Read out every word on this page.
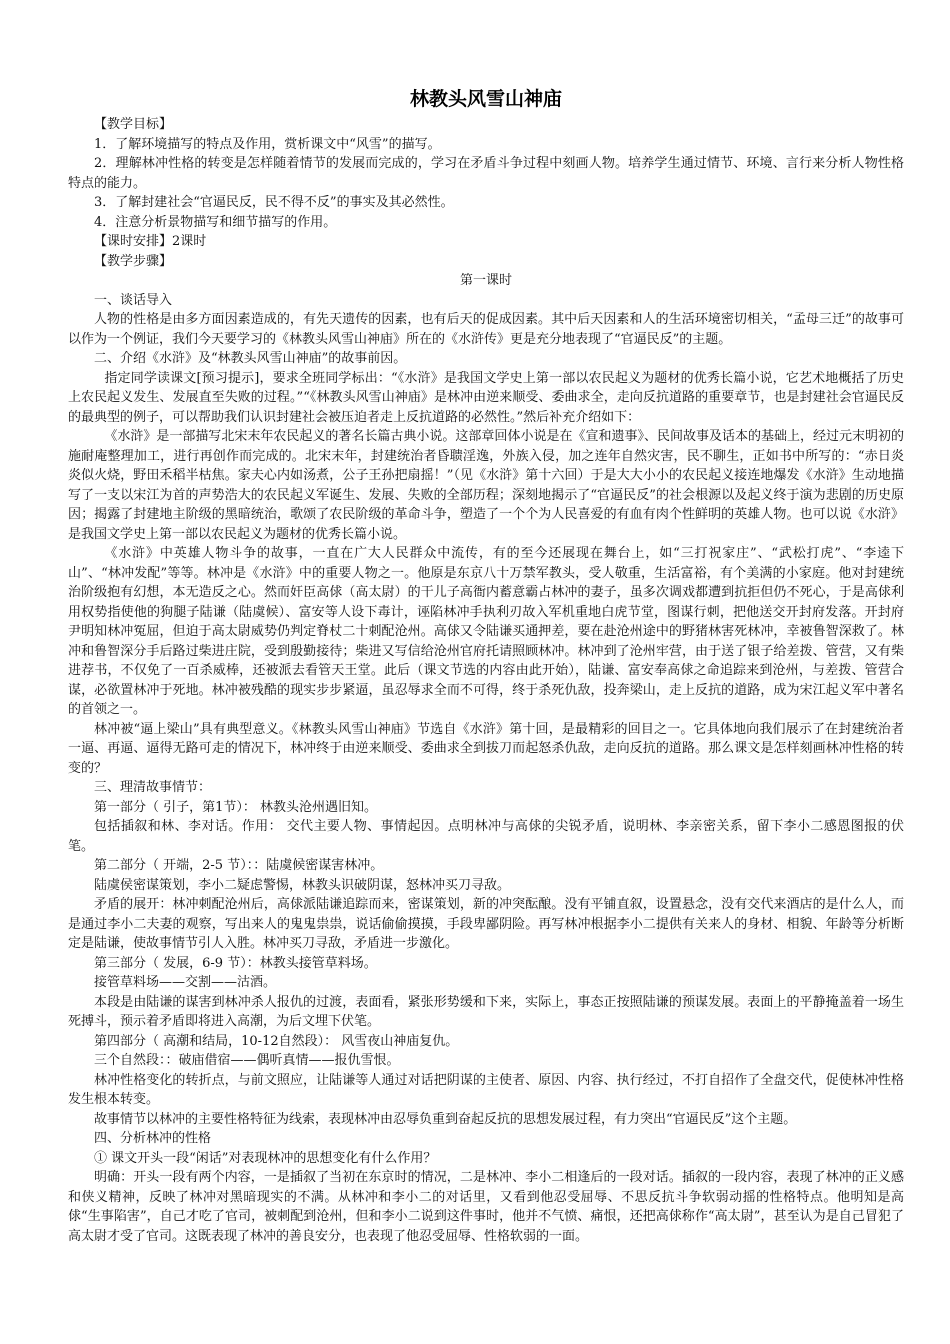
林教头风雪山神庙

【教学目标】

1．了解环境描写的特点及作用，赏析课文中“风雪”的描写。

2．理解林冲性格的转变是怎样随着情节的发展而完成的，学习在矛盾斗争过程中刻画人物。培养学生通过情节、环境、言行来分析人物性格特点的能力。

3．了解封建社会“官逼民反，民不得不反”的事实及其必然性。

4．注意分析景物描写和细节描写的作用。

【课时安排】2课时

【教学步骤】

第一课时

一、谈话导入

人物的性格是由多方面因素造成的，有先天遗传的因素，也有后天的促成因素。其中后天因素和人的生活环境密切相关，“孟母三迁”的故事可以作为一个例证，我们今天要学习的《林教头风雪山神庙》所在的《水浒传》更是充分地表现了“官逼民反”的主题。

二、介绍《水浒》及“林教头风雪山神庙”的故事前因。

指定同学读课文[预习提示]，要求全班同学标出：“《水浒》是我国文学史上第一部以农民起义为题材的优秀长篇小说，它艺术地概括了历史上农民起义发生、发展直至失败的过程。”“《林教头风雪山神庙》是林冲由逆来顺受、委曲求全，走向反抗道路的重要章节，也是封建社会官逼民反的最典型的例子，可以帮助我们认识封建社会被压迫者走上反抗道路的必然性。”然后补充介绍如下：

《水浒》是一部描写北宋末年农民起义的著名长篇古典小说。这部章回体小说是在《宣和遗事》、民间故事及话本的基础上，经过元末明初的施耐庵整理加工，进行再创作而完成的。北宋末年，封建统治者昏聩淫逸，外族入侵，加之连年自然灾害，民不聊生，正如书中所写的：“赤日炎炎似火烧，野田禾稻半枯焦。家夫心内如汤煮，公子王孙把扇摇！”（见《水浒》第十六回）于是大大小小的农民起义接连地爆发《水浒》生动地描写了一支以宋江为首的声势浩大的农民起义军诞生、发展、失败的全部历程；深刻地揭示了“官逼民反”的社会根源以及起义终于演为悲剧的历史原因；揭露了封建地主阶级的黑暗统治，歌颂了农民阶级的革命斗争，塑造了一个个为人民喜爱的有血有肉个性鲜明的英雄人物。也可以说《水浒》是我国文学史上第一部以农民起义为题材的优秀长篇小说。

《水浒》中英雄人物斗争的故事，一直在广大人民群众中流传，有的至今还展现在舞台上，如“三打祝家庄”、“武松打虎”、“李逵下山”、“林冲发配”等等。林冲是《水浒》中的重要人物之一。他原是东京八十万禁军教头，受人敬重，生活富裕，有个美满的小家庭。他对封建统治阶级抱有幻想，本无造反之心。然而奸臣高俅（高太尉）的干儿子高衙内蓄意霸占林冲的妻子，虽多次调戏都遭到抗拒但仍不死心，于是高俅利用权势指使他的狗腿子陆谦（陆虞候）、富安等人设下毒计，诬陷林冲手执利刃故入军机重地白虎节堂，图谋行刺，把他送交开封府发落。开封府尹明知林冲冤屈，但迫于高太尉威势仍判定脊杖二十刺配沧州。高俅又令陆谦买通押差，要在赴沧州途中的野猪林害死林冲，幸被鲁智深救了。林冲和鲁智深分手后路过柴进庄院，受到殷勤接待；柴进又写信给沧州官府托请照顾林冲。林冲到了沧州牢营，由于送了银子给差拨、管营，又有柴进荐书，不仅免了一百杀威棒，还被派去看管天王堂。此后（课文节选的内容由此开始），陆谦、富安奉高俅之命追踪来到沧州，与差拨、管营合谋，必欲置林冲于死地。林冲被残酷的现实步步紧逼，虽忍辱求全而不可得，终于杀死仇敌，投奔梁山，走上反抗的道路，成为宋江起义军中著名的首领之一。

林冲被“逼上梁山”具有典型意义。《林教头风雪山神庙》节选自《水浒》第十回，是最精彩的回目之一。它具体地向我们展示了在封建统治者一逼、再逼、逼得无路可走的情况下，林冲终于由逆来顺受、委曲求全到拔刀而起怒杀仇敌，走向反抗的道路。那么课文是怎样刻画林冲性格的转变的？

三、理清故事情节：

第一部分（ 引子，第1节）： 林教头沧州遇旧知。

包括插叙和林、李对话。作用： 交代主要人物、事情起因。点明林冲与高俅的尖锐矛盾，说明林、李亲密关系，留下李小二感恩图报的伏笔。

第二部分（ 开端，2-5 节）：：陆虞候密谋害林冲。

陆虞侯密谋策划，李小二疑虑警惕，林教头识破阴谋，怒林冲买刀寻敌。

矛盾的展开：林冲刺配沧州后，高俅派陆谦追踪而来，密谋策划，新的冲突酝酿。没有平铺直叙，设置悬念，没有交代来酒店的是什么人，而是通过李小二夫妻的观察，写出来人的鬼鬼祟祟，说话偷偷摸摸，手段卑鄙阴险。再写林冲根据李小二提供有关来人的身材、相貌、年龄等分析断定是陆谦，使故事情节引人入胜。林冲买刀寻敌，矛盾进一步激化。

第三部分（ 发展，6-9 节）：林教头接管草料场。

接管草料场——交割——沽酒。

本段是由陆谦的谋害到林冲杀人报仇的过渡，表面看，紧张形势缓和下来，实际上，事态正按照陆谦的预谋发展。表面上的平静掩盖着一场生死搏斗，预示着矛盾即将进入高潮，为后文埋下伏笔。

第四部分（ 高潮和结局，10-12自然段）： 风雪夜山神庙复仇。

三个自然段：：破庙借宿——偶听真情——报仇雪恨。

林冲性格变化的转折点，与前文照应，让陆谦等人通过对话把阴谋的主使者、原因、内容、执行经过，不打自招作了全盘交代，促使林冲性格发生根本转变。

故事情节以林冲的主要性格特征为线索，表现林冲由忍辱负重到奋起反抗的思想发展过程，有力突出“官逼民反”这个主题。

四、分析林冲的性格

① 课文开头一段“闲话”对表现林冲的思想变化有什么作用？

明确：开头一段有两个内容，一是插叙了当初在东京时的情况，二是林冲、李小二相逢后的一段对话。插叙的一段内容，表现了林冲的正义感和侠义精神，反映了林冲对黑暗现实的不满。从林冲和李小二的对话里，又看到他忍受屈辱、不思反抗斗争软弱动摇的性格特点。他明知是高俅“生事陷害”，自己才吃了官司，被刺配到沧州，但和李小二说到这件事时，他并不气愤、痛恨，还把高俅称作“高太尉”，甚至认为是自己冒犯了高太尉才受了官司。这既表现了林冲的善良安分，也表现了他忍受屈辱、性格软弱的一面。
